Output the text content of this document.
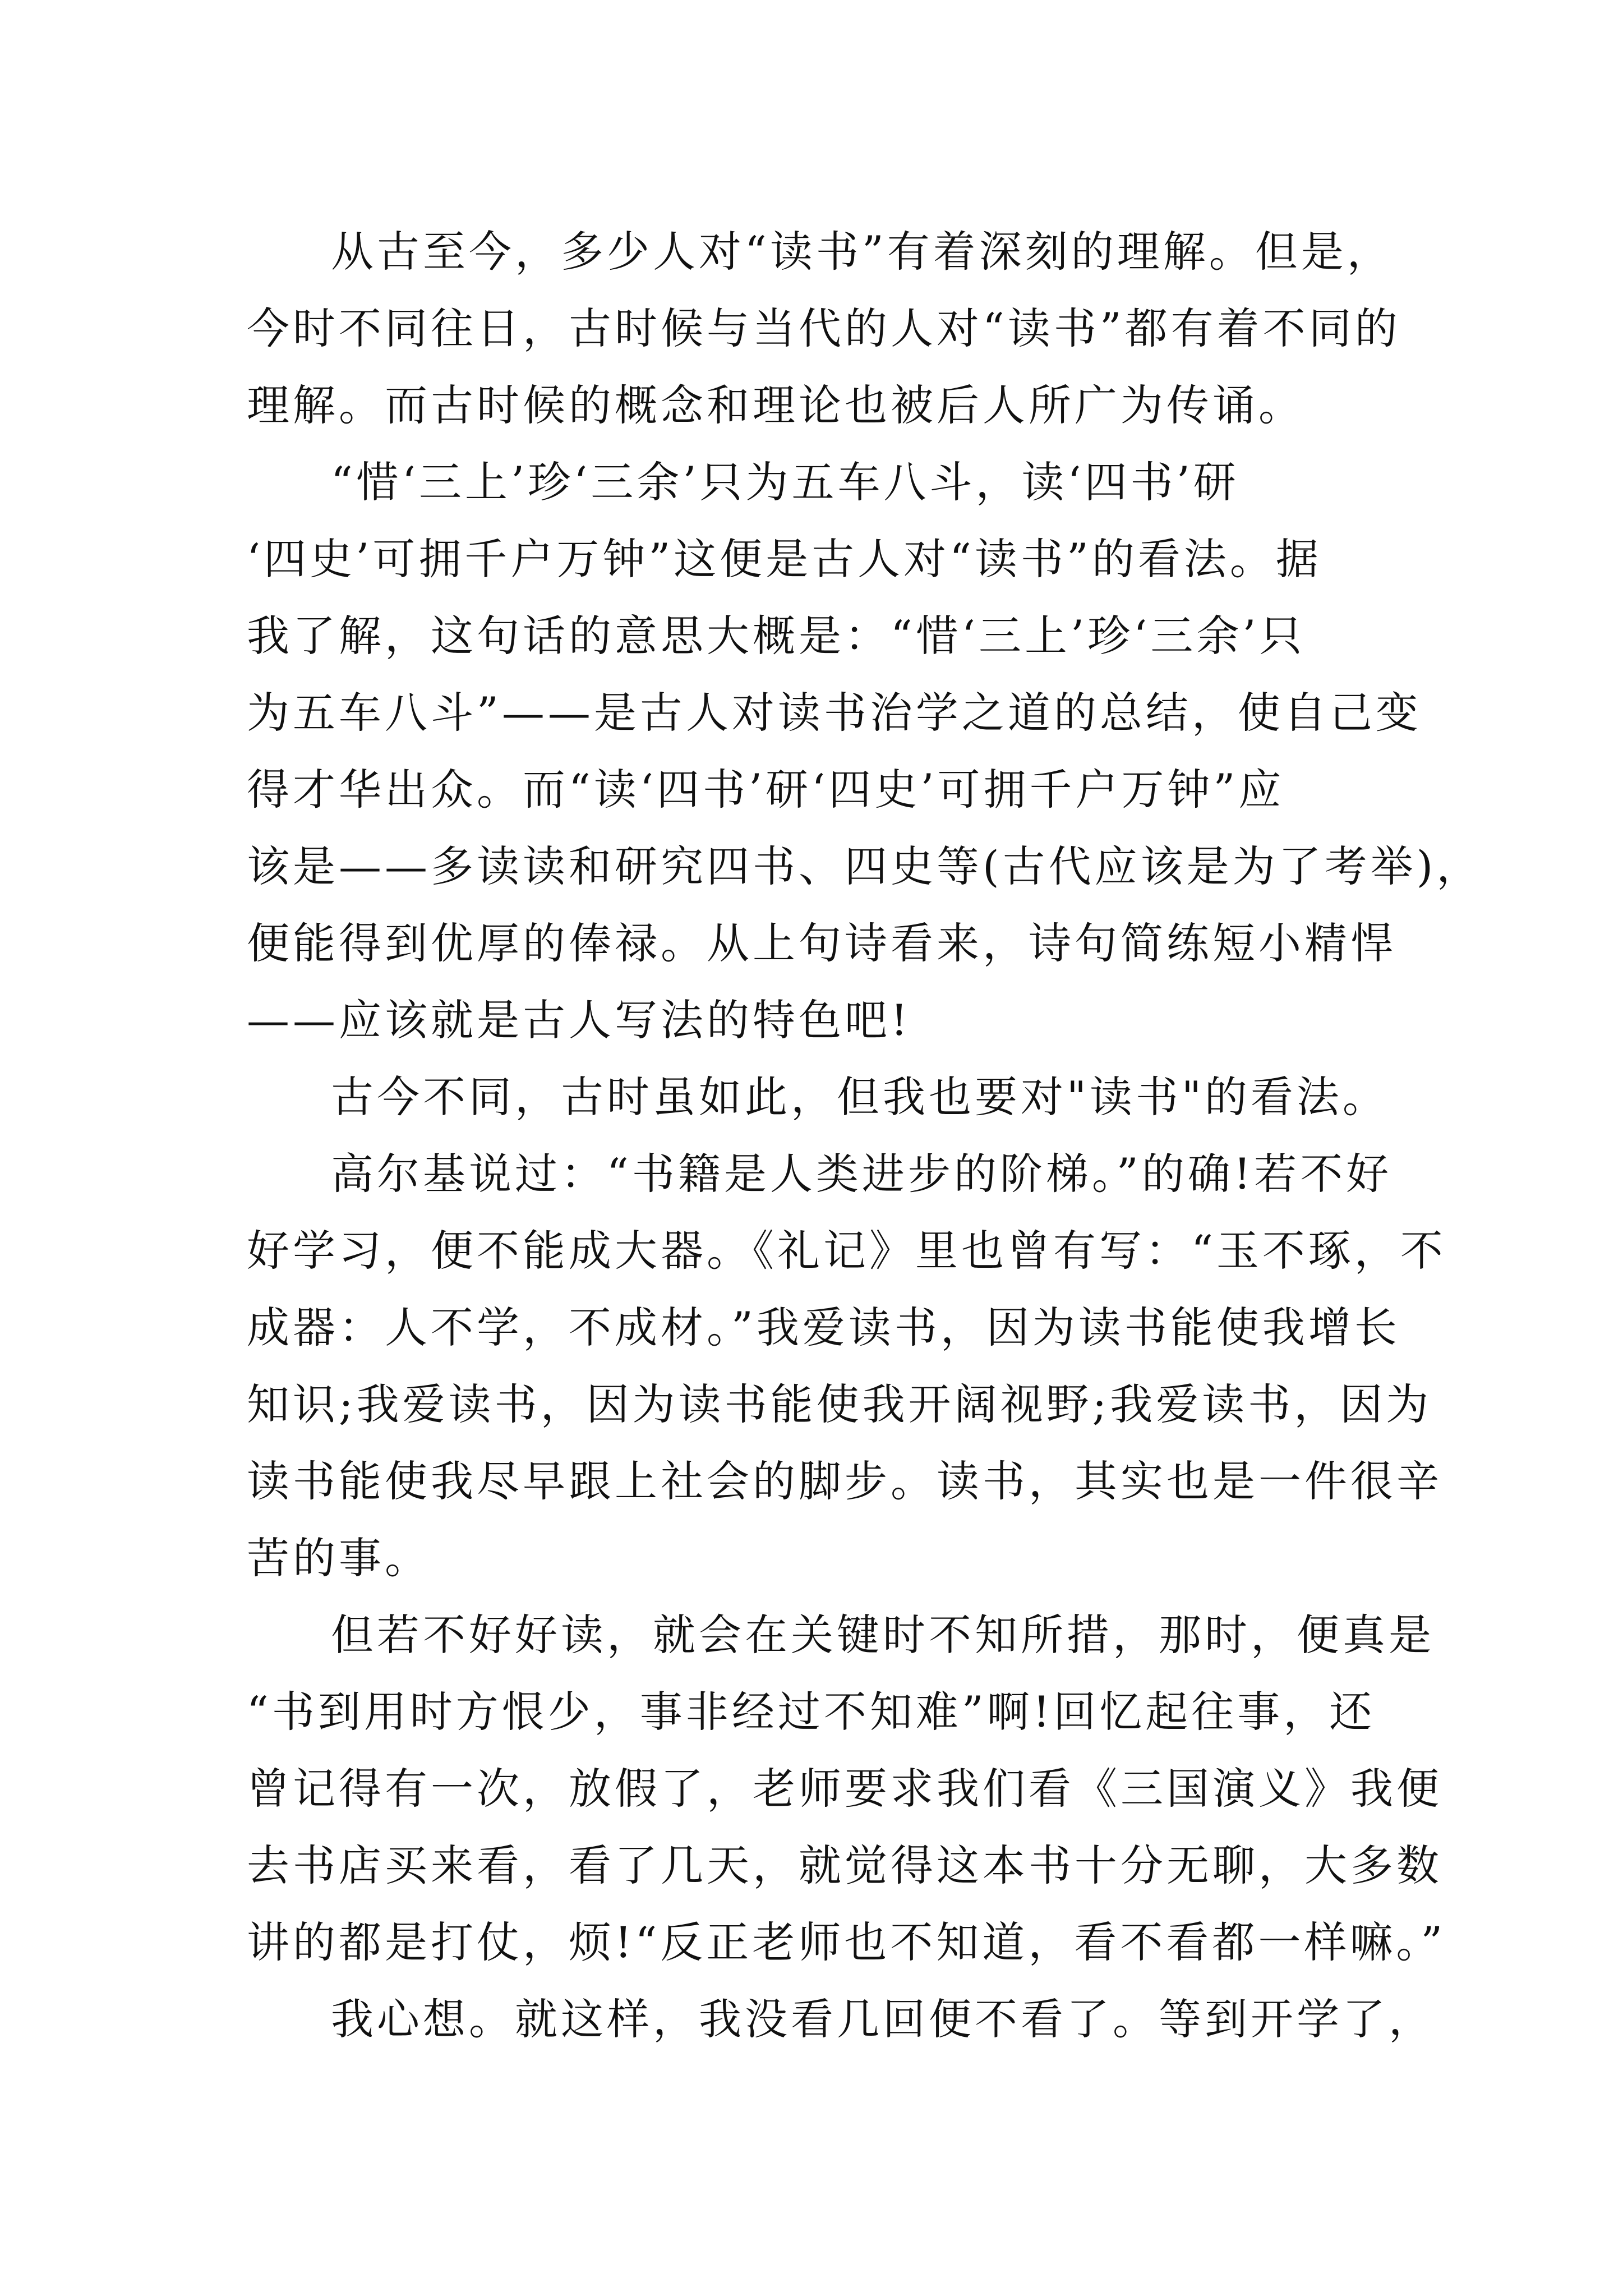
从古至今，多少人对“读书”有着深刻的理解。但是，
今时不同往日，古时候与当代的人对“读书”都有着不同的
理解。而古时候的概念和理论也被后人所广为传诵。
“惜‘三上’珍‘三余’只为五车八斗，读‘四书’研
‘四史’可拥千户万钟”这便是古人对“读书”的看法。据
我了解，这句话的意思大概是：“惜‘三上’珍‘三余’只
为五车八斗”——是古人对读书治学之道的总结，使自己变
得才华出众。而“读‘四书’研‘四史’可拥千户万钟”应
该是——多读读和研究四书、四史等(古代应该是为了考举)，
便能得到优厚的俸禄。从上句诗看来，诗句简练短小精悍
——应该就是古人写法的特色吧!
古今不同，古时虽如此，但我也要对"读书"的看法。
高尔基说过：“书籍是人类进步的阶梯。”的确!若不好
好学习，便不能成大器。《礼记》里也曾有写：“玉不琢，不
成器：人不学，不成材。”我爱读书，因为读书能使我增长
知识;我爱读书，因为读书能使我开阔视野;我爱读书，因为
读书能使我尽早跟上社会的脚步。读书，其实也是一件很辛
苦的事。
但若不好好读，就会在关键时不知所措，那时，便真是
“书到用时方恨少，事非经过不知难”啊!回忆起往事，还
曾记得有一次，放假了，老师要求我们看《三国演义》我便
去书店买来看，看了几天，就觉得这本书十分无聊，大多数
讲的都是打仗，烦!“反正老师也不知道，看不看都一样嘛。”
我心想。就这样，我没看几回便不看了。等到开学了，
